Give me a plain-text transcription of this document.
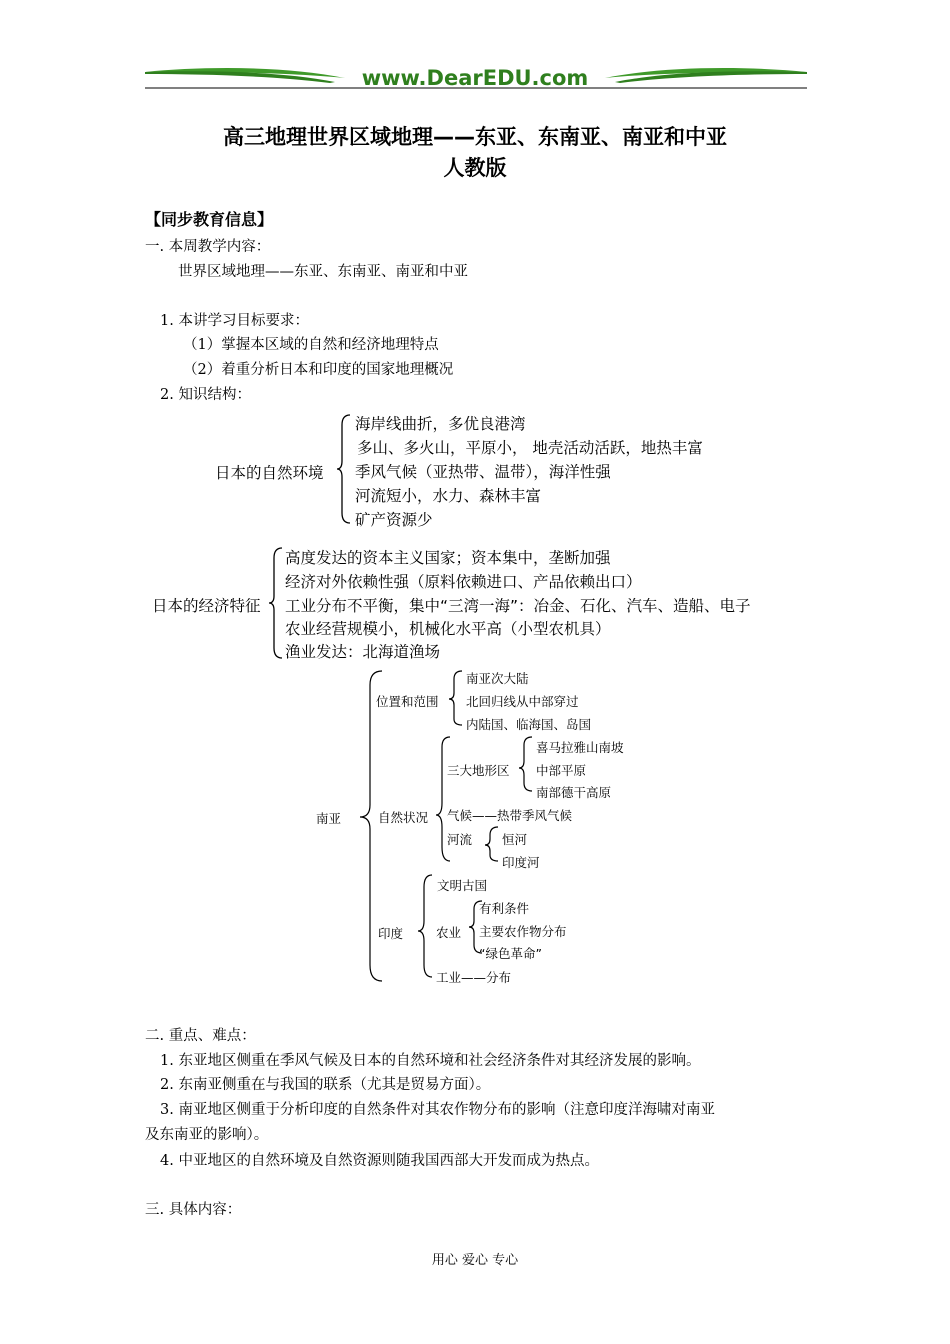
www.DearEDU.com
高三地理世界区域地理——东亚、东南亚、南亚和中亚
人教版
【同步教育信息】
一. 本周教学内容：
世界区域地理——东亚、东南亚、南亚和中亚
1. 本讲学习目标要求：
（1）掌握本区域的自然和经济地理特点
（2）着重分析日本和印度的国家地理概况
2. 知识结构：
日本的自然环境
海岸线曲折，多优良港湾
多山、多火山，平原小， 地壳活动活跃，地热丰富
季风气候（亚热带、温带），海洋性强
河流短小，水力、森林丰富
矿产资源少
日本的经济特征
高度发达的资本主义国家；资本集中，垄断加强
经济对外依赖性强（原料依赖进口、产品依赖出口）
工业分布不平衡，集中“三湾一海”：冶金、石化、汽车、造船、电子
农业经营规模小，机械化水平高（小型农机具）
渔业发达：北海道渔场
南亚
位置和范围
南亚次大陆
北回归线从中部穿过
内陆国、临海国、岛国
自然状况
三大地形区
喜马拉雅山南坡
中部平原
南部德干高原
气候——热带季风气候
河流 恒河
印度河
印度
文明古国
农业
有利条件
主要农作物分布
“绿色革命”
工业——分布
二. 重点、难点：
1. 东亚地区侧重在季风气候及日本的自然环境和社会经济条件对其经济发展的影响。
2. 东南亚侧重在与我国的联系（尤其是贸易方面）。
3. 南亚地区侧重于分析印度的自然条件对其农作物分布的影响（注意印度洋海啸对南亚
及东南亚的影响）。
4. 中亚地区的自然环境及自然资源则随我国西部大开发而成为热点。
三. 具体内容：
用心 爱心 专心
